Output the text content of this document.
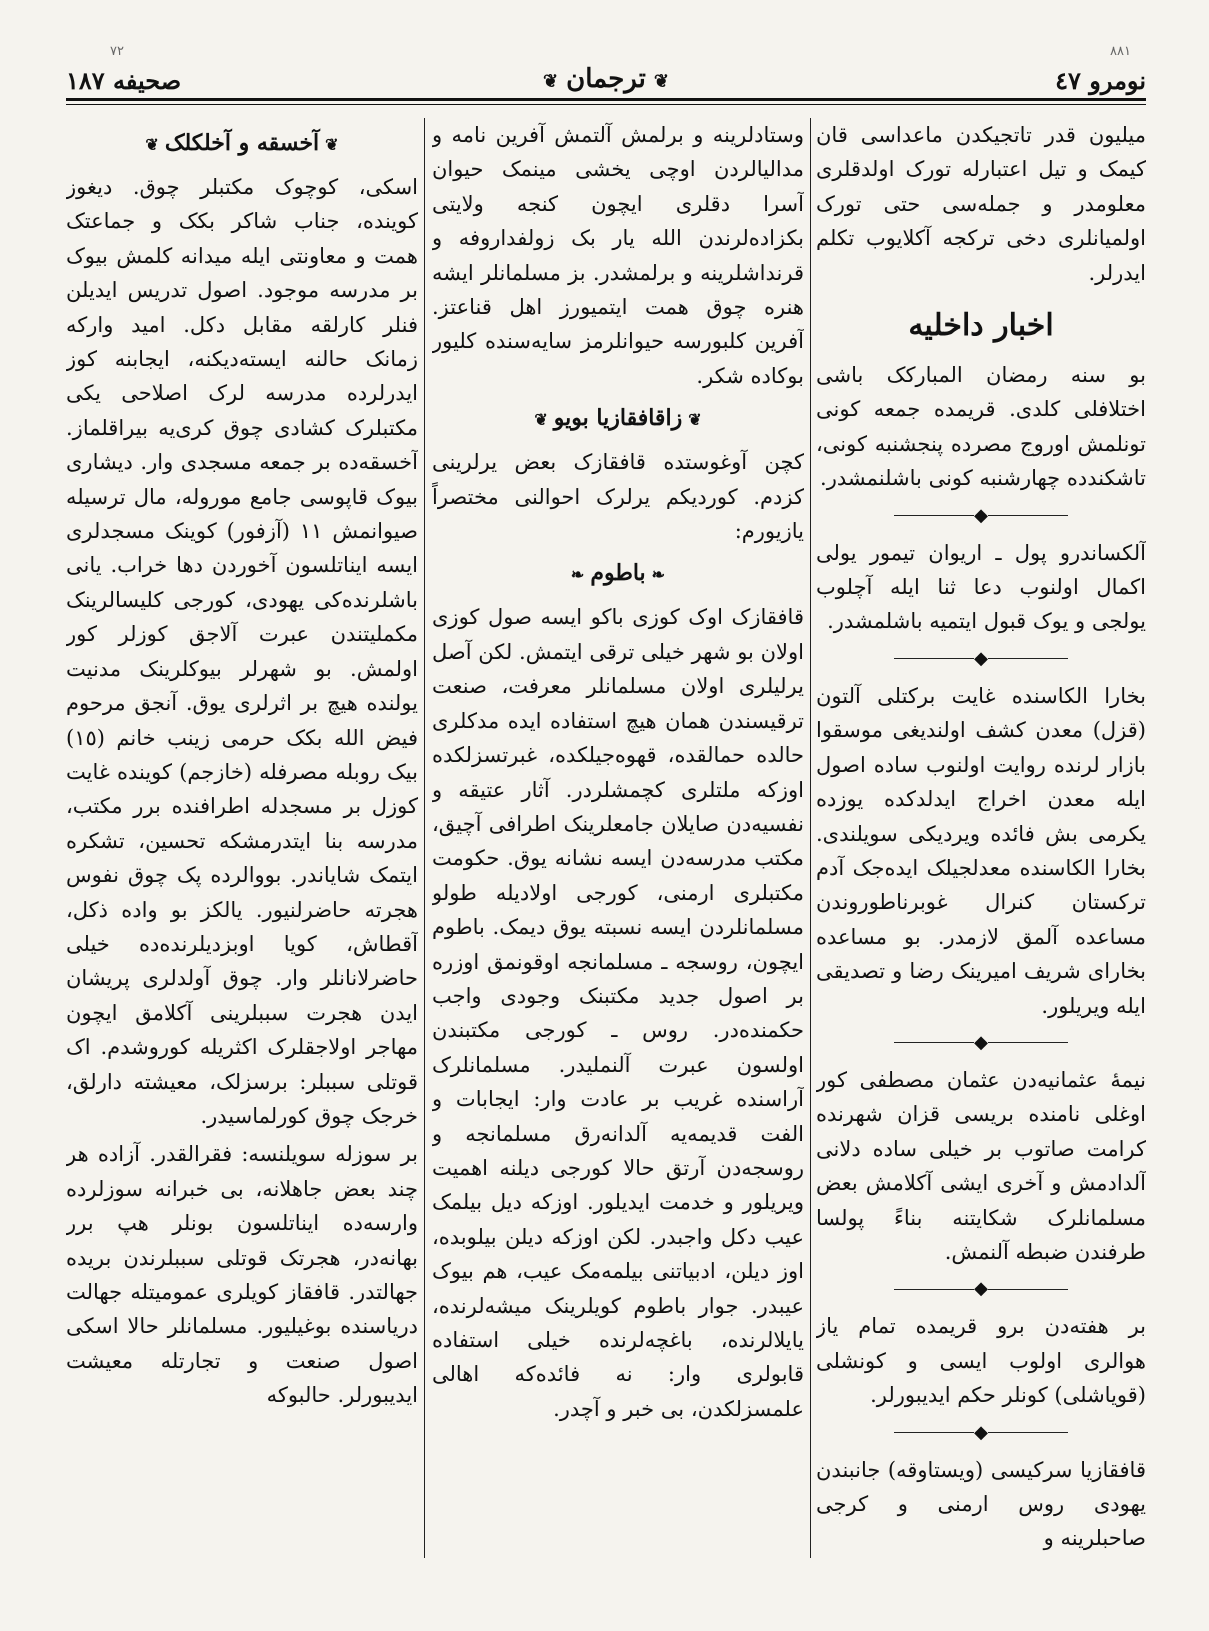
نومرو ٤٧
❦ترجمان❦
صحیفه ١٨٧
٧٢	٨٨١

میلیون قدر تاتجیکدن ماعداسی قان کیمک و تیل اعتبارله تورک اولدقلری معلومدر و جمله‌سی حتی تورک اولمیانلری دخی ترکجه آکلایوب تکلم ایدرلر.

اخبار داخلیه

بو سنه رمضان المبارکک باشی اختلافلی کلدی. قریمده جمعه کونی تونلمش اوروج مصرده پنجشنبه کونی، تاشکندده چهارشنبه کونی باشلنمشدر.

◆

آلکساندرو پول ـ اریوان تیمور یولی اکمال اولنوب دعا ثنا ایله آچلوب یولجی و یوک قبول ایتمیه باشلمشدر.

◆

بخارا الکاسنده غایت برکتلی آلتون (قزل) معدن کشف اولندیغی موسقوا بازار لرنده روایت اولنوب ساده اصول ایله معدن اخراج ایدلدکده یوزده یکرمی بش فائده ویردیکی سویلندی. بخارا الکاسنده معدلجیلک ایده‌جک آدم ترکستان کنرال غوبرناطوروندن مساعده آلمق لازمدر. بو مساعده بخارای شریف امیرینک رضا و تصدیقی ایله ویریلور.

◆

نیمۀ عثمانیه‌دن عثمان مصطفی کور اوغلی نامنده بریسی قزان شهرنده کرامت صاتوب بر خیلی ساده دلانی آلدادمش و آخری ایشی آکلامش بعض مسلمانلرک شکایتنه بناءً پولسا طرفندن ضبطه آلنمش.

◆

بر هفته‌دن برو قریمده تمام یاز هوالری اولوب ایسی و کونشلی (قویاشلی) کونلر حکم ایدیبورلر.

◆

قافقازیا سرکیسی (ویستاوقه) جانبندن یهودی روس ارمنی و کرجی صاحبلرینه و

وستادلرینه و برلمش آلتمش آفرین نامه و مدالیالردن اوچی یخشی مینمک حیوان آسرا دقلری ایچون کنجه ولایتی بکزاده‌لرندن الله یار بک زولفداروفه و قرنداشلرینه و برلمشدر. بز مسلمانلر ایشه هنره چوق همت ایتمیورز اهل قناعتز. آفرین کلبورسه حیوانلرمز سایه‌سنده کلیور بوکاده شکر.

❦زاقافقازیا بویو❦

کچن آوغوستده قافقازک بعض یرلرینی کزدم. کوردیکم یرلرک احوالنی مختصراً یازیورم:

❧باطوم❧

قافقازک اوک کوزی باکو ایسه صول کوزی اولان بو شهر خیلی ترقی ایتمش. لکن آصل یرلیلری اولان مسلمانلر معرفت، صنعت ترقیسندن همان هیچ استفاده ایده مدکلری حالده حمالقده، قهوه‌جیلکده، غبرتسزلکده اوزکه ملتلری کچمشلردر. آثار عتیقه و نفسیه‌دن صایلان جامعلرینک اطرافی آچیق، مکتب مدرسه‌دن ایسه نشانه یوق. حکومت مکتبلری ارمنی، کورجی اولادیله طولو مسلمانلردن ایسه نسبته یوق دیمک. باطوم ایچون، روسجه ـ مسلمانجه اوقونمق اوزره بر اصول جدید مکتبنک وجودی واجب حکمنده‌در. روس ـ کورجی مکتبندن اولسون عبرت آلنملیدر. مسلمانلرک آراسنده غریب بر عادت وار: ایجابات و الفت قدیمه‌یه آلدانه‌رق مسلمانجه و روسجه‌دن آرتق حالا کورجی دیلنه اهمیت ویریلور و خدمت ایدیلور. اوزکه دیل بیلمک عیب دکل واجبدر. لکن اوزکه دیلن بیلوبده، اوز دیلن، ادبیاتنی بیلمه‌مک عیب، هم بیوک عیبدر. جوار باطوم کویلرینک میشه‌لرنده، یایلالرنده، باغچه‌لرنده خیلی استفاده قابولری وار: نه فائده‌که اهالی علمسزلکدن، بی خبر و آچدر.

❦آخسقه و آخلکلک❦

اسکی، کوچوک مکتبلر چوق. دیغوز کوینده، جناب شاکر بکک و جماعتک همت و معاونتی ایله میدانه کلمش بیوک بر مدرسه موجود. اصول تدریس ایدیلن فنلر کارلقه مقابل دکل. امید وارکه زمانک حالنه ایسته‌دیکنه، ایجابنه کوز ایدرلرده مدرسه لرک اصلاحی یکی مکتبلرک کشادی چوق کری‌یه بیراقلماز. آخسقه‌ده بر جمعه مسجدی وار. دیشاری بیوک قاپوسی جامع موروله، مال ترسیله صیوانمش ١١ (آزفور) کوینک مسجدلری ایسه ایناتلسون آخوردن دها خراب. یانی باشلرنده‌کی یهودی، کورجی کلیسالرینک مکملیتندن عبرت آلاجق کوزلر کور اولمش. بو شهرلر بیوکلرینک مدنیت یولنده هیچ بر اثرلری یوق. آنجق مرحوم فیض الله بکک حرمی زینب خانم (١٥) بیک روبله مصرفله (خازجم) کوینده غایت کوزل بر مسجدله اطرافنده برر مکتب، مدرسه بنا ایتدرمشکه تحسین، تشکره ایتمک شایاندر. بووالرده پک چوق نفوس هجرته حاضرلنیور. یالکز بو واده ذکل، آقطاش، کویا اوبزدیلرنده‌ده خیلی حاضرلانانلر وار. چوق آولدلری پریشان ایدن هجرت سببلرینی آکلامق ایچون مهاجر اولاجقلرک اکثریله کوروشدم. اک قوتلی سببلر: برسزلک، معیشته دارلق، خرجک چوق کورلماسیدر.

بر سوزله سویلنسه: فقرالقدر. آزاده هر چند بعض جاهلانه، بی خبرانه سوزلرده وارسه‌ده ایناتلسون بونلر هپ برر بهانه‌در، هجرتک قوتلی سببلرندن بریده جهالتدر. قافقاز کویلری عمومیتله جهالت دریاسنده بوغیلیور. مسلمانلر حالا اسکی اصول صنعت و تجارتله معیشت ایدیبورلر. حالبوکه
